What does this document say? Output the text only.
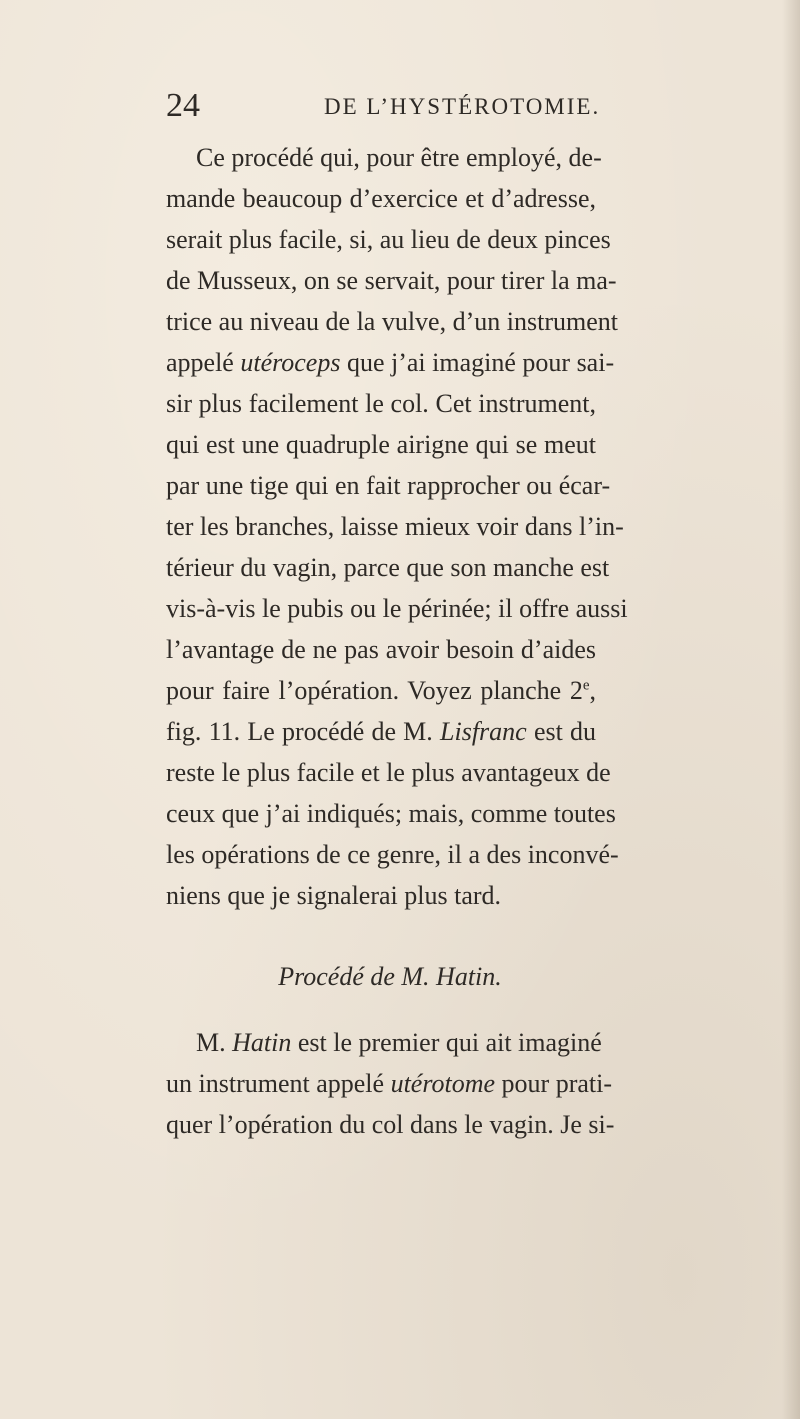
24	DE L’HYSTÉROTOMIE.
Ce procédé qui, pour être employé, de-
mande beaucoup d’exercice et d’adresse,
serait plus facile, si, au lieu de deux pinces
de Musseux, on se servait, pour tirer la ma-
trice au niveau de la vulve, d’un instrument
appelé utéroceps que j’ai imaginé pour sai-
sir plus facilement le col. Cet instrument,
qui est une quadruple airigne qui se meut
par une tige qui en fait rapprocher ou écar-
ter les branches, laisse mieux voir dans l’in-
térieur du vagin, parce que son manche est
vis-à-vis le pubis ou le périnée; il offre aussi
l’avantage de ne pas avoir besoin d’aides
pour faire l’opération. Voyez planche 2e,
fig. 11. Le procédé de M. Lisfranc est du
reste le plus facile et le plus avantageux de
ceux que j’ai indiqués; mais, comme toutes
les opérations de ce genre, il a des inconvé-
niens que je signalerai plus tard.
Procédé de M. Hatin.
M. Hatin est le premier qui ait imaginé
un instrument appelé utérotome pour prati-
quer l’opération du col dans le vagin. Je si-
